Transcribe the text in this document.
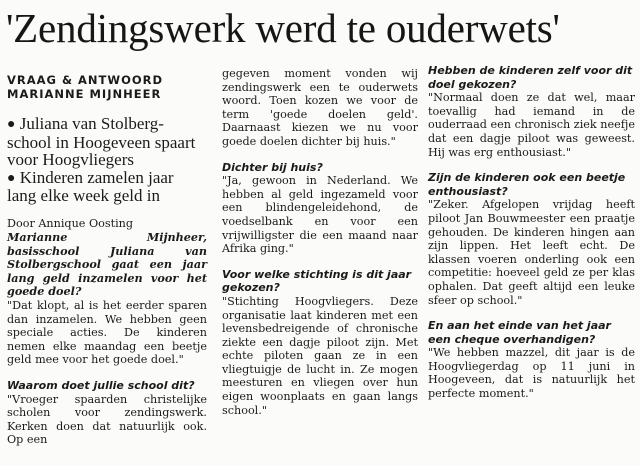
'Zendingswerk werd te ouderwets'
VRAAG & ANTWOORD
MARIANNE MIJNHEER

● Juliana van Stolberg-school in Hoogeveen spaart voor Hoogvliegers

● Kinderen zamelen jaar lang elke week geld in

Door Annique Oosting

Marianne Mijnheer, basisschool Juliana van Stolbergschool gaat een jaar lang geld inzamelen voor het goede doel?

"Dat klopt, al is het eerder sparen dan inzamelen. We hebben geen speciale acties. De kinderen nemen elke maandag een beetje geld mee voor het goede doel."

Waarom doet jullie school dit?

"Vroeger spaarden christelijke scholen voor zendingswerk. Kerken doen dat natuurlijk ook. Op een

gegeven moment vonden wij zendingswerk een te ouderwets woord. Toen kozen we voor de term 'goede doelen geld'. Daarnaast kiezen we nu voor goede doelen dichter bij huis."

Dichter bij huis?

"Ja, gewoon in Nederland. We hebben al geld ingezameld voor een blindengeleidehond, de voedselbank en voor een vrijwilligster die een maand naar Afrika ging."

Voor welke stichting is dit jaar gekozen?

"Stichting Hoogvliegers. Deze organisatie laat kinderen met een levensbedreigende of chronische ziekte een dagje piloot zijn. Met echte piloten gaan ze in een vliegtuigje de lucht in. Ze mogen meesturen en vliegen over hun eigen woonplaats en gaan langs school."

Hebben de kinderen zelf voor dit doel gekozen?

"Normaal doen ze dat wel, maar toevallig had iemand in de ouderraad een chronisch ziek neefje dat een dagje piloot was geweest. Hij was erg enthousiast."

Zijn de kinderen ook een beetje enthousiast?

"Zeker. Afgelopen vrijdag heeft piloot Jan Bouwmeester een praatje gehouden. De kinderen hingen aan zijn lippen. Het leeft echt. De klassen voeren onderling ook een competitie: hoeveel geld ze per klas ophalen. Dat geeft altijd een leuke sfeer op school."

En aan het einde van het jaar een cheque overhandigen?

"We hebben mazzel, dit jaar is de Hoogvliegerdag op 11 juni in Hoogeveen, dat is natuurlijk het perfecte moment."
